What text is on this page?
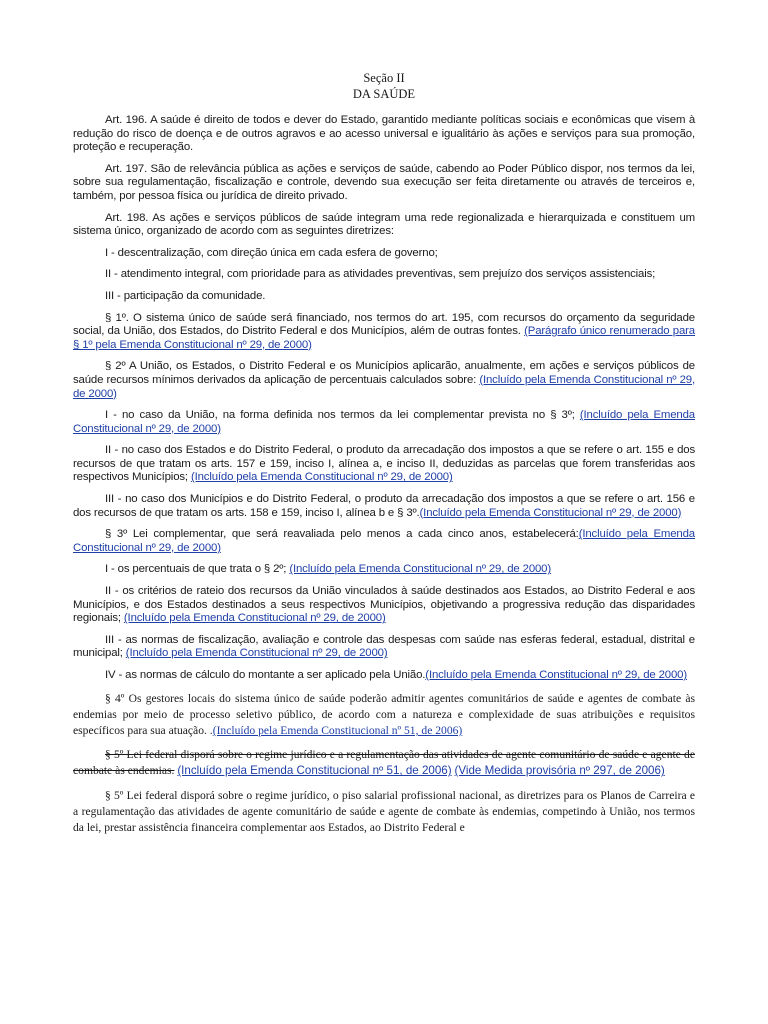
Seção II
DA SAÚDE

Art. 196. A saúde é direito de todos e dever do Estado, garantido mediante políticas sociais e econômicas que visem à redução do risco de doença e de outros agravos e ao acesso universal e igualitário às ações e serviços para sua promoção, proteção e recuperação.

Art. 197. São de relevância pública as ações e serviços de saúde, cabendo ao Poder Público dispor, nos termos da lei, sobre sua regulamentação, fiscalização e controle, devendo sua execução ser feita diretamente ou através de terceiros e, também, por pessoa física ou jurídica de direito privado.

Art. 198. As ações e serviços públicos de saúde integram uma rede regionalizada e hierarquizada e constituem um sistema único, organizado de acordo com as seguintes diretrizes:

I - descentralização, com direção única em cada esfera de governo;

II - atendimento integral, com prioridade para as atividades preventivas, sem prejuízo dos serviços assistenciais;

III - participação da comunidade.

§ 1º. O sistema único de saúde será financiado, nos termos do art. 195, com recursos do orçamento da seguridade social, da União, dos Estados, do Distrito Federal e dos Municípios, além de outras fontes. (Parágrafo único renumerado para § 1º pela Emenda Constitucional nº 29, de 2000)

§ 2º A União, os Estados, o Distrito Federal e os Municípios aplicarão, anualmente, em ações e serviços públicos de saúde recursos mínimos derivados da aplicação de percentuais calculados sobre: (Incluído pela Emenda Constitucional nº 29, de 2000)

I - no caso da União, na forma definida nos termos da lei complementar prevista no § 3º; (Incluído pela Emenda Constitucional nº 29, de 2000)

II - no caso dos Estados e do Distrito Federal, o produto da arrecadação dos impostos a que se refere o art. 155 e dos recursos de que tratam os arts. 157 e 159, inciso I, alínea a, e inciso II, deduzidas as parcelas que forem transferidas aos respectivos Municípios; (Incluído pela Emenda Constitucional nº 29, de 2000)

III - no caso dos Municípios e do Distrito Federal, o produto da arrecadação dos impostos a que se refere o art. 156 e dos recursos de que tratam os arts. 158 e 159, inciso I, alínea b e § 3º.(Incluído pela Emenda Constitucional nº 29, de 2000)

§ 3º Lei complementar, que será reavaliada pelo menos a cada cinco anos, estabelecerá:(Incluído pela Emenda Constitucional nº 29, de 2000)

I - os percentuais de que trata o § 2º; (Incluído pela Emenda Constitucional nº 29, de 2000)

II - os critérios de rateio dos recursos da União vinculados à saúde destinados aos Estados, ao Distrito Federal e aos Municípios, e dos Estados destinados a seus respectivos Municípios, objetivando a progressiva redução das disparidades regionais; (Incluído pela Emenda Constitucional nº 29, de 2000)

III - as normas de fiscalização, avaliação e controle das despesas com saúde nas esferas federal, estadual, distrital e municipal; (Incluído pela Emenda Constitucional nº 29, de 2000)

IV - as normas de cálculo do montante a ser aplicado pela União.(Incluído pela Emenda Constitucional nº 29, de 2000)

§ 4º Os gestores locais do sistema único de saúde poderão admitir agentes comunitários de saúde e agentes de combate às endemias por meio de processo seletivo público, de acordo com a natureza e complexidade de suas atribuições e requisitos específicos para sua atuação. .(Incluído pela Emenda Constitucional nº 51, de 2006)

§ 5º Lei federal disporá sobre o regime jurídico e a regulamentação das atividades de agente comunitário de saúde e agente de combate às endemias. (Incluído pela Emenda Constitucional nº 51, de 2006) (Vide Medida provisória nº 297, de 2006)

§ 5º Lei federal disporá sobre o regime jurídico, o piso salarial profissional nacional, as diretrizes para os Planos de Carreira e a regulamentação das atividades de agente comunitário de saúde e agente de combate às endemias, competindo à União, nos termos da lei, prestar assistência financeira complementar aos Estados, ao Distrito Federal e
